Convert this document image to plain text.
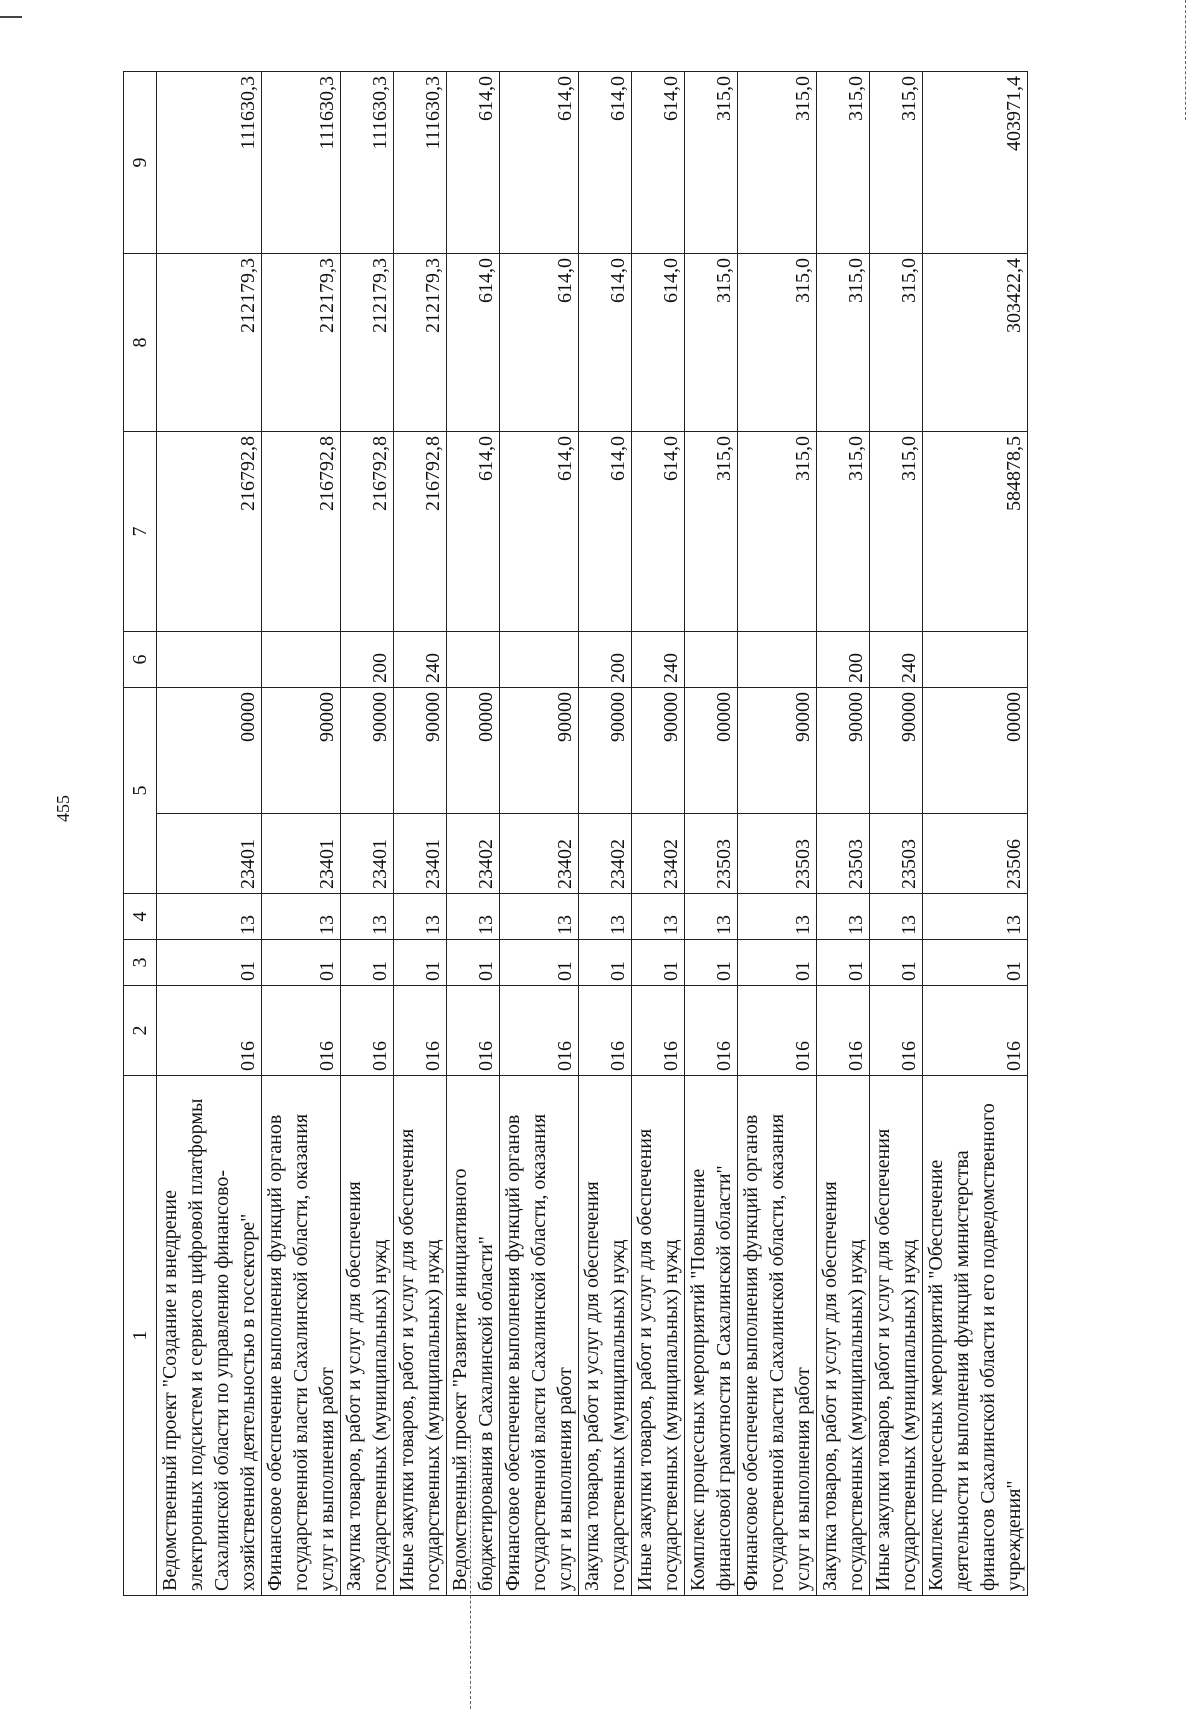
455
1	2	3	4	5		6	7	8	9

Ведомственный проект "Создание и внедрение электронных подсистем и сервисов цифровой платформы Сахалинской области по управлению финансово-хозяйственной деятельностью в госсекторе"	016	01	13	23401	00000		216792,8	212179,3	111630,3
Финансовое обеспечение выполнения функций органов государственной власти Сахалинской области, оказания услуг и выполнения работ	016	01	13	23401	90000		216792,8	212179,3	111630,3
Закупка товаров, работ и услуг для обеспечения государственных (муниципальных) нужд	016	01	13	23401	90000	200	216792,8	212179,3	111630,3
Иные закупки товаров, работ и услуг для обеспечения государственных (муниципальных) нужд	016	01	13	23401	90000	240	216792,8	212179,3	111630,3
Ведомственный проект "Развитие инициативного бюджетирования в Сахалинской области"	016	01	13	23402	00000		614,0	614,0	614,0
Финансовое обеспечение выполнения функций органов государственной власти Сахалинской области, оказания услуг и выполнения работ	016	01	13	23402	90000		614,0	614,0	614,0
Закупка товаров, работ и услуг для обеспечения государственных (муниципальных) нужд	016	01	13	23402	90000	200	614,0	614,0	614,0
Иные закупки товаров, работ и услуг для обеспечения государственных (муниципальных) нужд	016	01	13	23402	90000	240	614,0	614,0	614,0
Комплекс процессных мероприятий "Повышение финансовой грамотности в Сахалинской области"	016	01	13	23503	00000		315,0	315,0	315,0
Финансовое обеспечение выполнения функций органов государственной власти Сахалинской области, оказания услуг и выполнения работ	016	01	13	23503	90000		315,0	315,0	315,0
Закупка товаров, работ и услуг для обеспечения государственных (муниципальных) нужд	016	01	13	23503	90000	200	315,0	315,0	315,0
Иные закупки товаров, работ и услуг для обеспечения государственных (муниципальных) нужд	016	01	13	23503	90000	240	315,0	315,0	315,0
Комплекс процессных мероприятий "Обеспечение деятельности и выполнения функций министерства финансов Сахалинской области и его подведомственного учреждения"	016	01	13	23506	00000		584878,5	303422,4	403971,4
